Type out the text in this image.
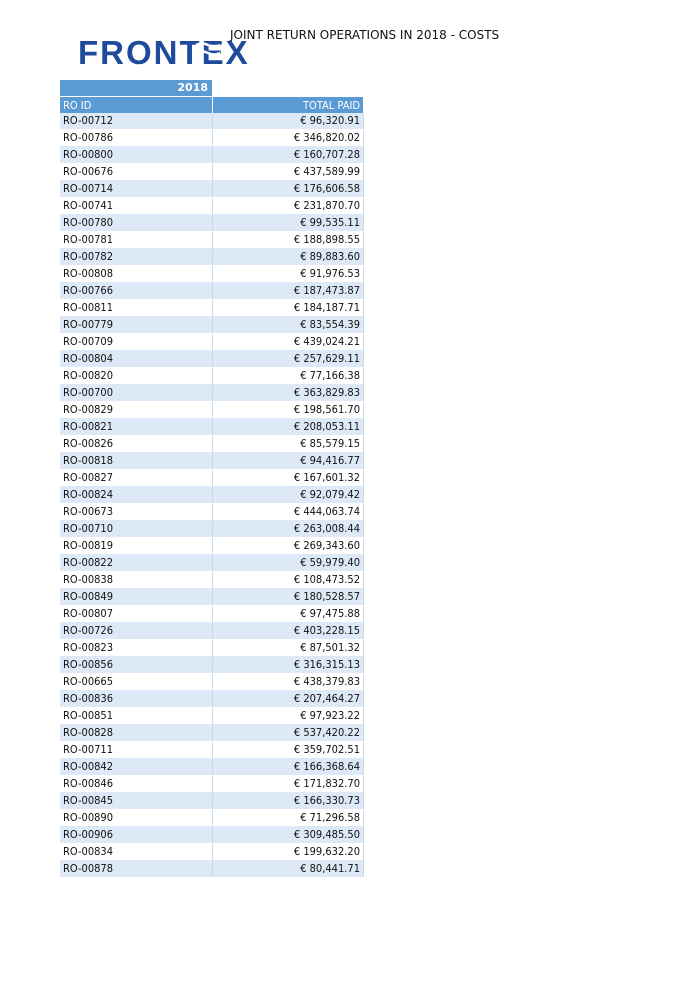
FRONTEX
JOINT RETURN OPERATIONS IN 2018 - COSTS
2018
RO ID	TOTAL PAID
RO-00712	€ 96,320.91
RO-00786	€ 346,820.02
RO-00800	€ 160,707.28
RO-00676	€ 437,589.99
RO-00714	€ 176,606.58
RO-00741	€ 231,870.70
RO-00780	€ 99,535.11
RO-00781	€ 188,898.55
RO-00782	€ 89,883.60
RO-00808	€ 91,976.53
RO-00766	€ 187,473.87
RO-00811	€ 184,187.71
RO-00779	€ 83,554.39
RO-00709	€ 439,024.21
RO-00804	€ 257,629.11
RO-00820	€ 77,166.38
RO-00700	€ 363,829.83
RO-00829	€ 198,561.70
RO-00821	€ 208,053.11
RO-00826	€ 85,579.15
RO-00818	€ 94,416.77
RO-00827	€ 167,601.32
RO-00824	€ 92,079.42
RO-00673	€ 444,063.74
RO-00710	€ 263,008.44
RO-00819	€ 269,343.60
RO-00822	€ 59,979.40
RO-00838	€ 108,473.52
RO-00849	€ 180,528.57
RO-00807	€ 97,475.88
RO-00726	€ 403,228.15
RO-00823	€ 87,501.32
RO-00856	€ 316,315.13
RO-00665	€ 438,379.83
RO-00836	€ 207,464.27
RO-00851	€ 97,923.22
RO-00828	€ 537,420.22
RO-00711	€ 359,702.51
RO-00842	€ 166,368.64
RO-00846	€ 171,832.70
RO-00845	€ 166,330.73
RO-00890	€ 71,296.58
RO-00906	€ 309,485.50
RO-00834	€ 199,632.20
RO-00878	€ 80,441.71
